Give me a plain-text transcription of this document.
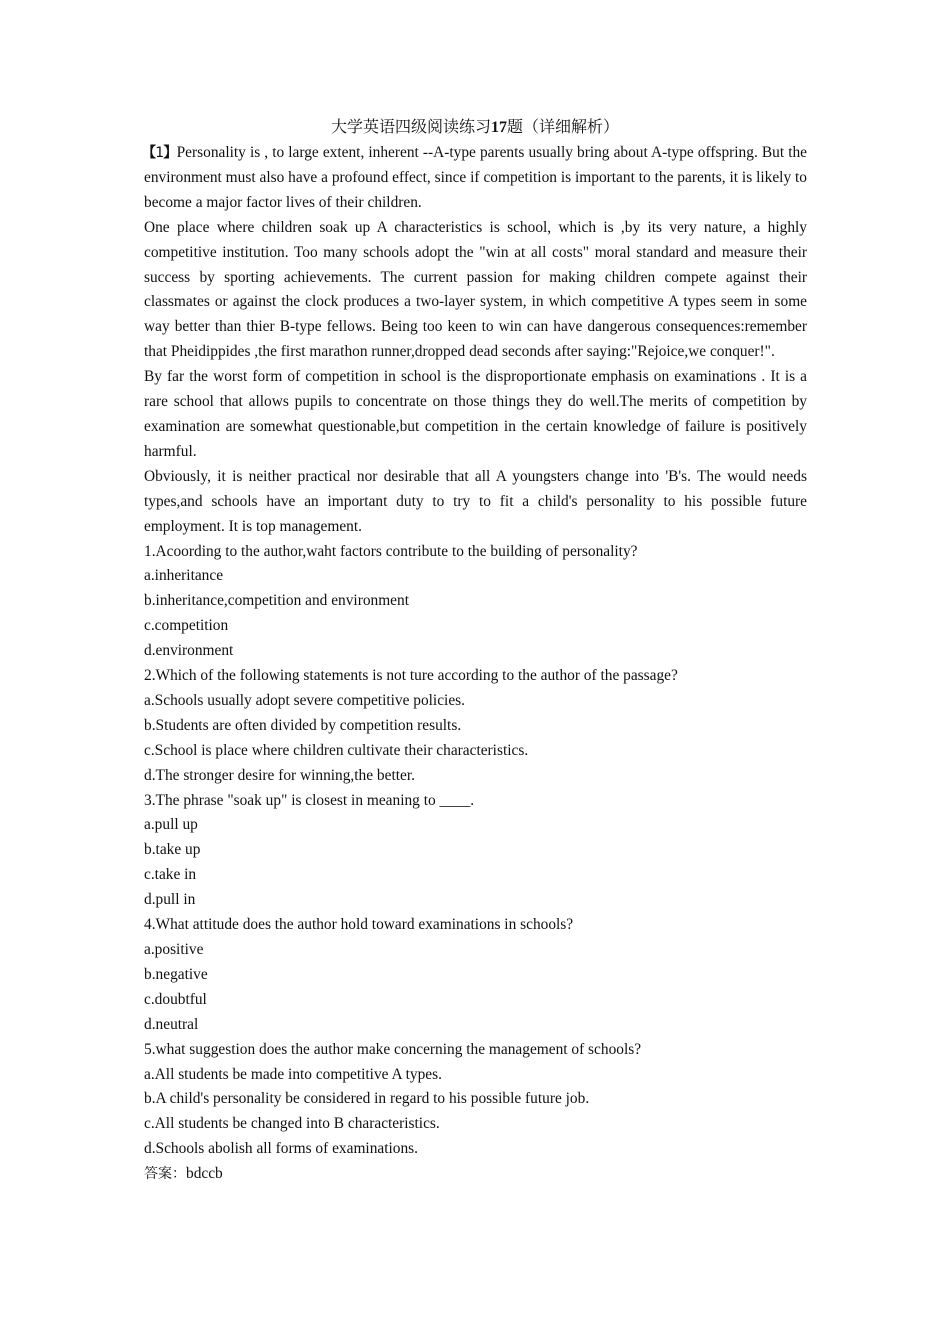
大学英语四级阅读练习17题（详细解析）

【1】Personality is , to large extent, inherent --A-type parents usually bring about A-type offspring. But the environment must also have a profound effect, since if competition is important to the parents, it is likely to become a major factor lives of their children.

One place where children soak up A characteristics is school, which is ,by its very nature, a highly competitive institution. Too many schools adopt the "win at all costs" moral standard and measure their success by sporting achievements. The current passion for making children compete against their classmates or against the clock produces a two-layer system, in which competitive A types seem in some way better than thier B-type fellows. Being too keen to win can have dangerous consequences:remember that Pheidippides ,the first marathon runner,dropped dead seconds after saying:"Rejoice,we conquer!".

By far the worst form of competition in school is the disproportionate emphasis on examinations . It is a rare school that allows pupils to concentrate on those things they do well.The merits of competition by examination are somewhat questionable,but competition in the certain knowledge of failure is positively harmful.

Obviously, it is neither practical nor desirable that all A youngsters change into 'B's. The would needs types,and schools have an important duty to try to fit a child's personality to his possible future employment. It is top management.

1.Acoording to the author,waht factors contribute to the building of personality?

a.inheritance

b.inheritance,competition and environment

c.competition

d.environment

2.Which of the following statements is not ture according to the author of the passage?

a.Schools usually adopt severe competitive policies.

b.Students are often divided by competition results.

c.School is place where children cultivate their characteristics.

d.The stronger desire for winning,the better.

3.The phrase "soak up" is closest in meaning to ____.

a.pull up

b.take up

c.take in

d.pull in

4.What attitude does the author hold toward examinations in schools?

a.positive

b.negative

c.doubtful

d.neutral

5.what suggestion does the author make concerning the management of schools?

a.All students be made into competitive A types.

b.A child's personality be considered in regard to his possible future job.

c.All students be changed into B characteristics.

d.Schools abolish all forms of examinations.

答案：bdccb
